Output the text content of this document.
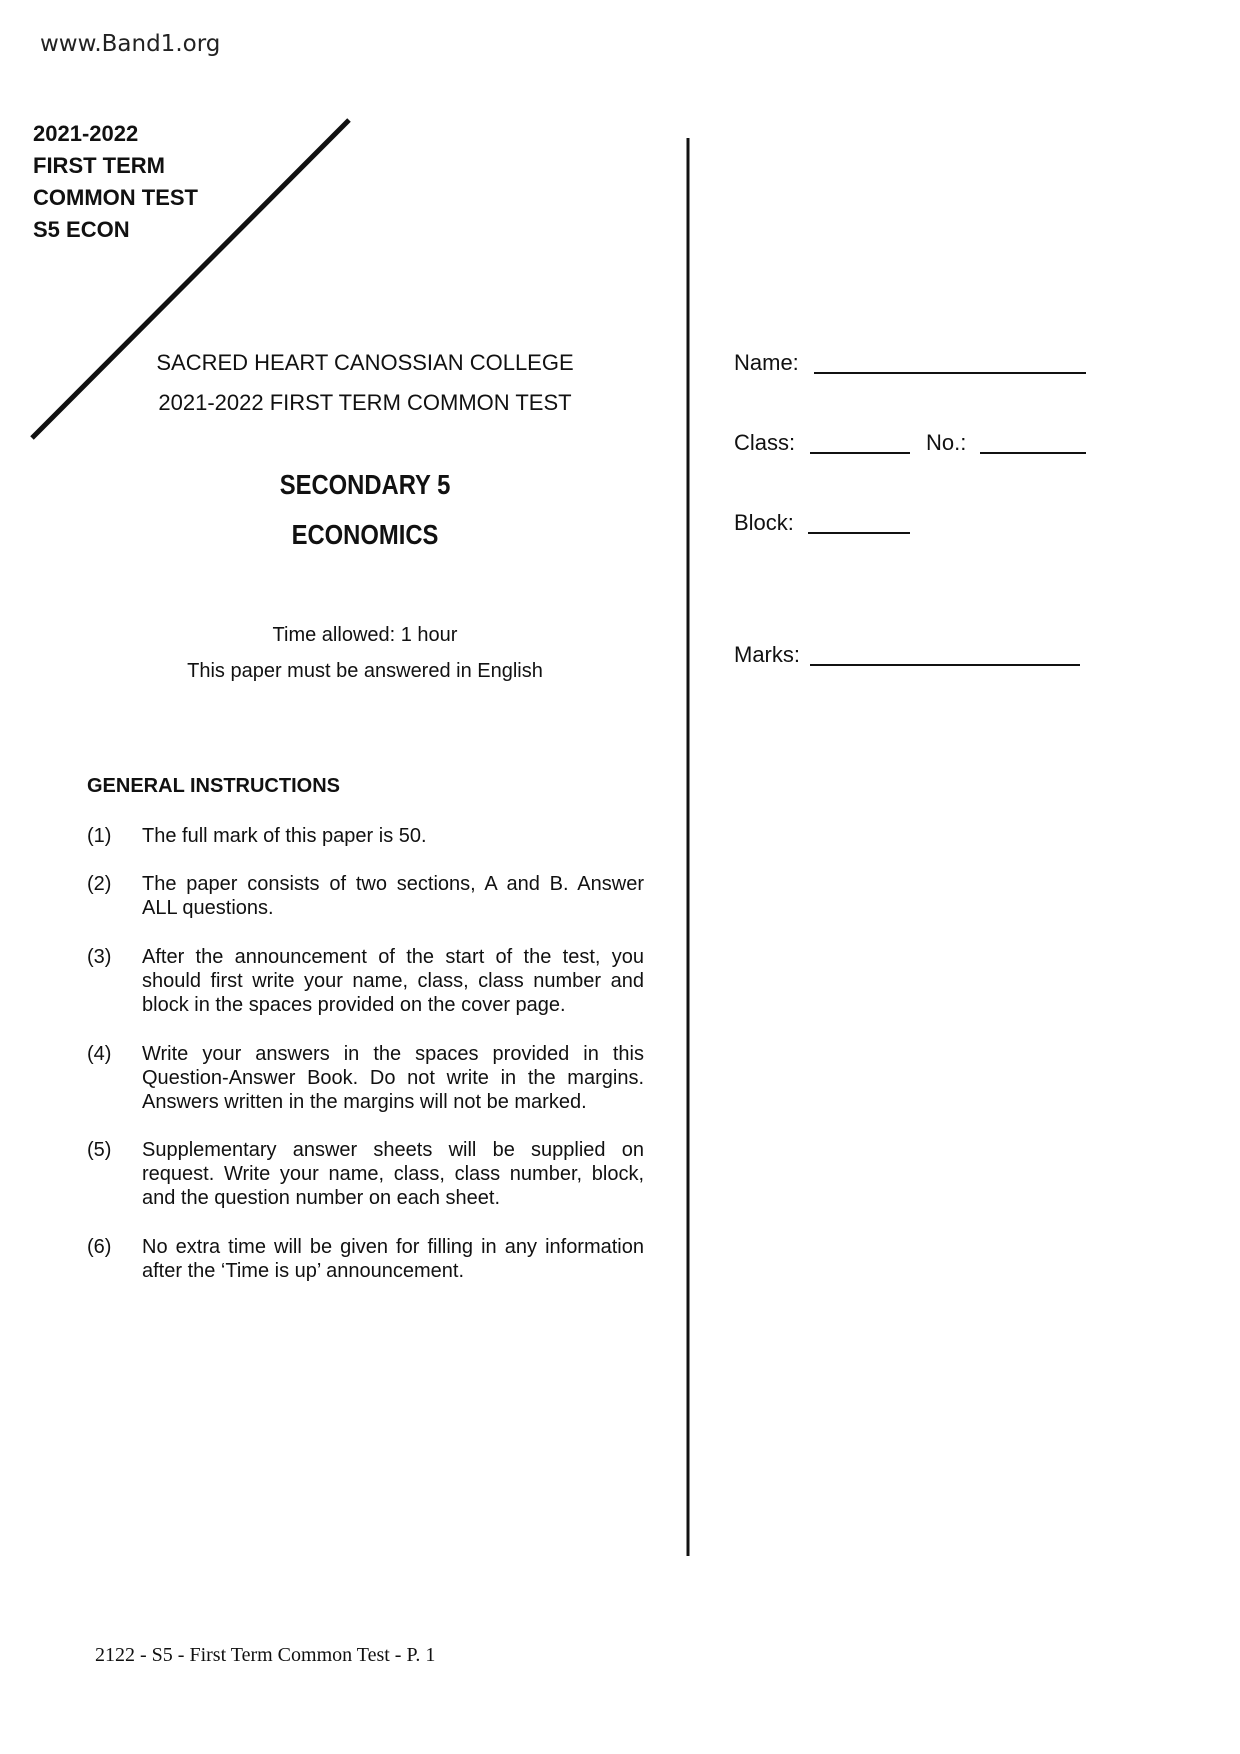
www.Band1.org
2021-2022
FIRST TERM
COMMON TEST
S5 ECON
SACRED HEART CANOSSIAN COLLEGE
2021-2022 FIRST TERM COMMON TEST
SECONDARY 5
ECONOMICS
Time allowed: 1 hour
This paper must be answered in English
Name:
Class:	No.:
Block:
Marks:
GENERAL INSTRUCTIONS
(1)	The full mark of this paper is 50.
(2)	The paper consists of two sections, A and B. Answer ALL questions.
(3)	After the announcement of the start of the test, you should first write your name, class, class number and block in the spaces provided on the cover page.
(4)	Write your answers in the spaces provided in this Question-Answer Book. Do not write in the margins. Answers written in the margins will not be marked.
(5)	Supplementary answer sheets will be supplied on request. Write your name, class, class number, block, and the question number on each sheet.
(6)	No extra time will be given for filling in any information after the ‘Time is up’ announcement.
2122 - S5 - First Term Common Test - P. 1
